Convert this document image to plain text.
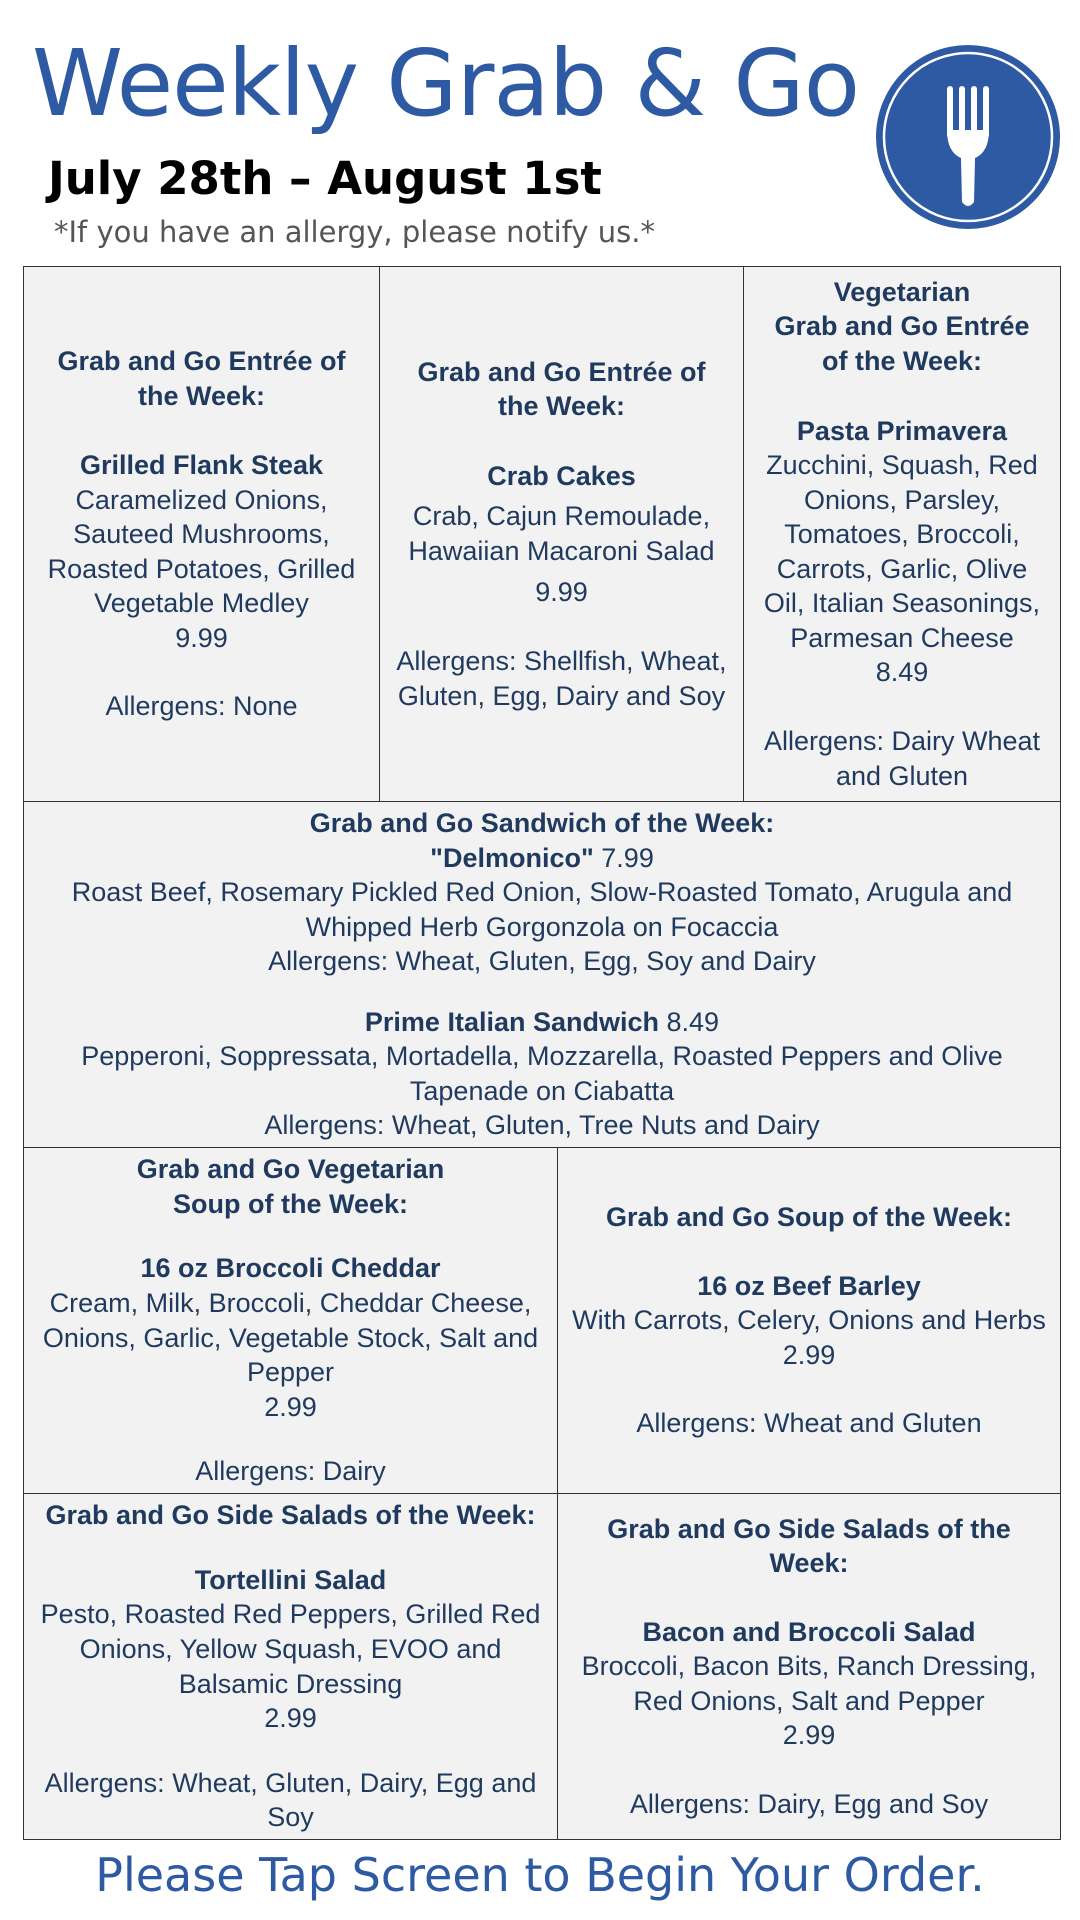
Weekly Grab & Go
July 28th – August 1st
*If you have an allergy, please notify us.*
Grab and Go Entrée of the Week:
Grilled Flank Steak
Caramelized Onions, Sauteed Mushrooms, Roasted Potatoes, Grilled Vegetable Medley
9.99
Allergens: None
Grab and Go Entrée of the Week:
Crab Cakes
Crab, Cajun Remoulade, Hawaiian Macaroni Salad
9.99
Allergens: Shellfish, Wheat, Gluten, Egg, Dairy and Soy
Vegetarian
Grab and Go Entrée of the Week:
Pasta Primavera
Zucchini, Squash, Red Onions, Parsley, Tomatoes, Broccoli, Carrots, Garlic, Olive Oil, Italian Seasonings, Parmesan Cheese
8.49
Allergens: Dairy Wheat and Gluten
Grab and Go Sandwich of the Week:
"Delmonico" 7.99
Roast Beef, Rosemary Pickled Red Onion, Slow-Roasted Tomato, Arugula and Whipped Herb Gorgonzola on Focaccia
Allergens: Wheat, Gluten, Egg, Soy and Dairy
Prime Italian Sandwich 8.49
Pepperoni, Soppressata, Mortadella, Mozzarella, Roasted Peppers and Olive Tapenade on Ciabatta
Allergens: Wheat, Gluten, Tree Nuts and Dairy
Grab and Go Vegetarian
Soup of the Week:
16 oz Broccoli Cheddar
Cream, Milk, Broccoli, Cheddar Cheese, Onions, Garlic, Vegetable Stock, Salt and Pepper
2.99
Allergens: Dairy
Grab and Go Soup of the Week:
16 oz Beef Barley
With Carrots, Celery, Onions and Herbs
2.99
Allergens: Wheat and Gluten
Grab and Go Side Salads of the Week:
Tortellini Salad
Pesto, Roasted Red Peppers, Grilled Red Onions, Yellow Squash, EVOO and Balsamic Dressing
2.99
Allergens: Wheat, Gluten, Dairy, Egg and Soy
Grab and Go Side Salads of the Week:
Bacon and Broccoli Salad
Broccoli, Bacon Bits, Ranch Dressing, Red Onions, Salt and Pepper
2.99
Allergens: Dairy, Egg and Soy
Please Tap Screen to Begin Your Order.
